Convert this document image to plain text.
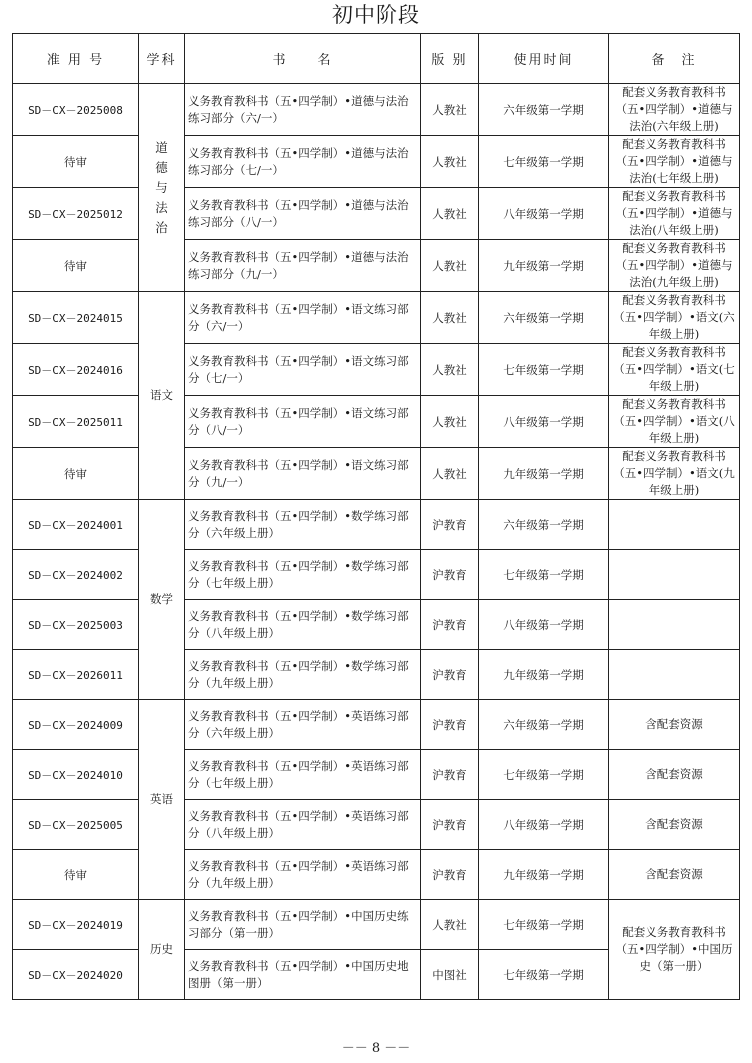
初中阶段
准 用 号	学科	书　　名	版 别	使用时间	备　注
SD－CX－2025008	道德与法治	义务教育教科书（五•四学制）•道德与法治练习部分（六/一）	人教社	六年级第一学期	配套义务教育教科书（五•四学制）•道德与法治(六年级上册)
待审		义务教育教科书（五•四学制）•道德与法治练习部分（七/一）	人教社	七年级第一学期	配套义务教育教科书（五•四学制）•道德与法治(七年级上册)
SD－CX－2025012		义务教育教科书（五•四学制）•道德与法治练习部分（八/一）	人教社	八年级第一学期	配套义务教育教科书（五•四学制）•道德与法治(八年级上册)
待审		义务教育教科书（五•四学制）•道德与法治练习部分（九/一）	人教社	九年级第一学期	配套义务教育教科书（五•四学制）•道德与法治(九年级上册)
SD－CX－2024015	语文	义务教育教科书（五•四学制）•语文练习部分（六/一）	人教社	六年级第一学期	配套义务教育教科书（五•四学制）•语文(六年级上册)
SD－CX－2024016		义务教育教科书（五•四学制）•语文练习部分（七/一）	人教社	七年级第一学期	配套义务教育教科书（五•四学制）•语文(七年级上册)
SD－CX－2025011		义务教育教科书（五•四学制）•语文练习部分（八/一）	人教社	八年级第一学期	配套义务教育教科书（五•四学制）•语文(八年级上册)
待审		义务教育教科书（五•四学制）•语文练习部分（九/一）	人教社	九年级第一学期	配套义务教育教科书（五•四学制）•语文(九年级上册)
SD－CX－2024001	数学	义务教育教科书（五•四学制）•数学练习部分（六年级上册）	沪教育	六年级第一学期	
SD－CX－2024002		义务教育教科书（五•四学制）•数学练习部分（七年级上册）	沪教育	七年级第一学期	
SD－CX－2025003		义务教育教科书（五•四学制）•数学练习部分（八年级上册）	沪教育	八年级第一学期	
SD－CX－2026011		义务教育教科书（五•四学制）•数学练习部分（九年级上册）	沪教育	九年级第一学期	
SD－CX－2024009	英语	义务教育教科书（五•四学制）•英语练习部分（六年级上册）	沪教育	六年级第一学期	含配套资源
SD－CX－2024010		义务教育教科书（五•四学制）•英语练习部分（七年级上册）	沪教育	七年级第一学期	含配套资源
SD－CX－2025005		义务教育教科书（五•四学制）•英语练习部分（八年级上册）	沪教育	八年级第一学期	含配套资源
待审		义务教育教科书（五•四学制）•英语练习部分（九年级上册）	沪教育	九年级第一学期	含配套资源
SD－CX－2024019	历史	义务教育教科书（五•四学制）•中国历史练习部分（第一册）	人教社	七年级第一学期	配套义务教育教科书（五•四学制）•中国历史（第一册）
SD－CX－2024020		义务教育教科书（五•四学制）•中国历史地图册（第一册）	中图社	七年级第一学期	
－－ 8 －－
